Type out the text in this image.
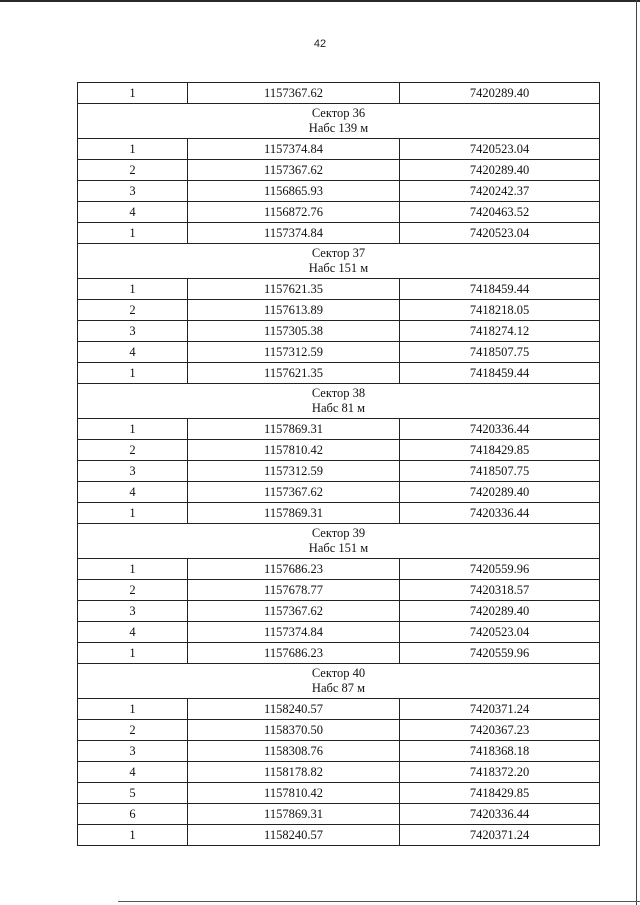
42
1	1157367.62	7420289.40

Сектор 36
Набс 139 м		

1	1157374.84	7420523.04
2	1157367.62	7420289.40
3	1156865.93	7420242.37
4	1156872.76	7420463.52
1	1157374.84	7420523.04

Сектор 37
Набс 151 м		

1	1157621.35	7418459.44
2	1157613.89	7418218.05
3	1157305.38	7418274.12
4	1157312.59	7418507.75
1	1157621.35	7418459.44

Сектор 38
Набс 81 м		

1	1157869.31	7420336.44
2	1157810.42	7418429.85
3	1157312.59	7418507.75
4	1157367.62	7420289.40
1	1157869.31	7420336.44

Сектор 39
Набс 151 м		

1	1157686.23	7420559.96
2	1157678.77	7420318.57
3	1157367.62	7420289.40
4	1157374.84	7420523.04
1	1157686.23	7420559.96

Сектор 40
Набс 87 м		

1	1158240.57	7420371.24
2	1158370.50	7420367.23
3	1158308.76	7418368.18
4	1158178.82	7418372.20
5	1157810.42	7418429.85
6	1157869.31	7420336.44
1	1158240.57	7420371.24
